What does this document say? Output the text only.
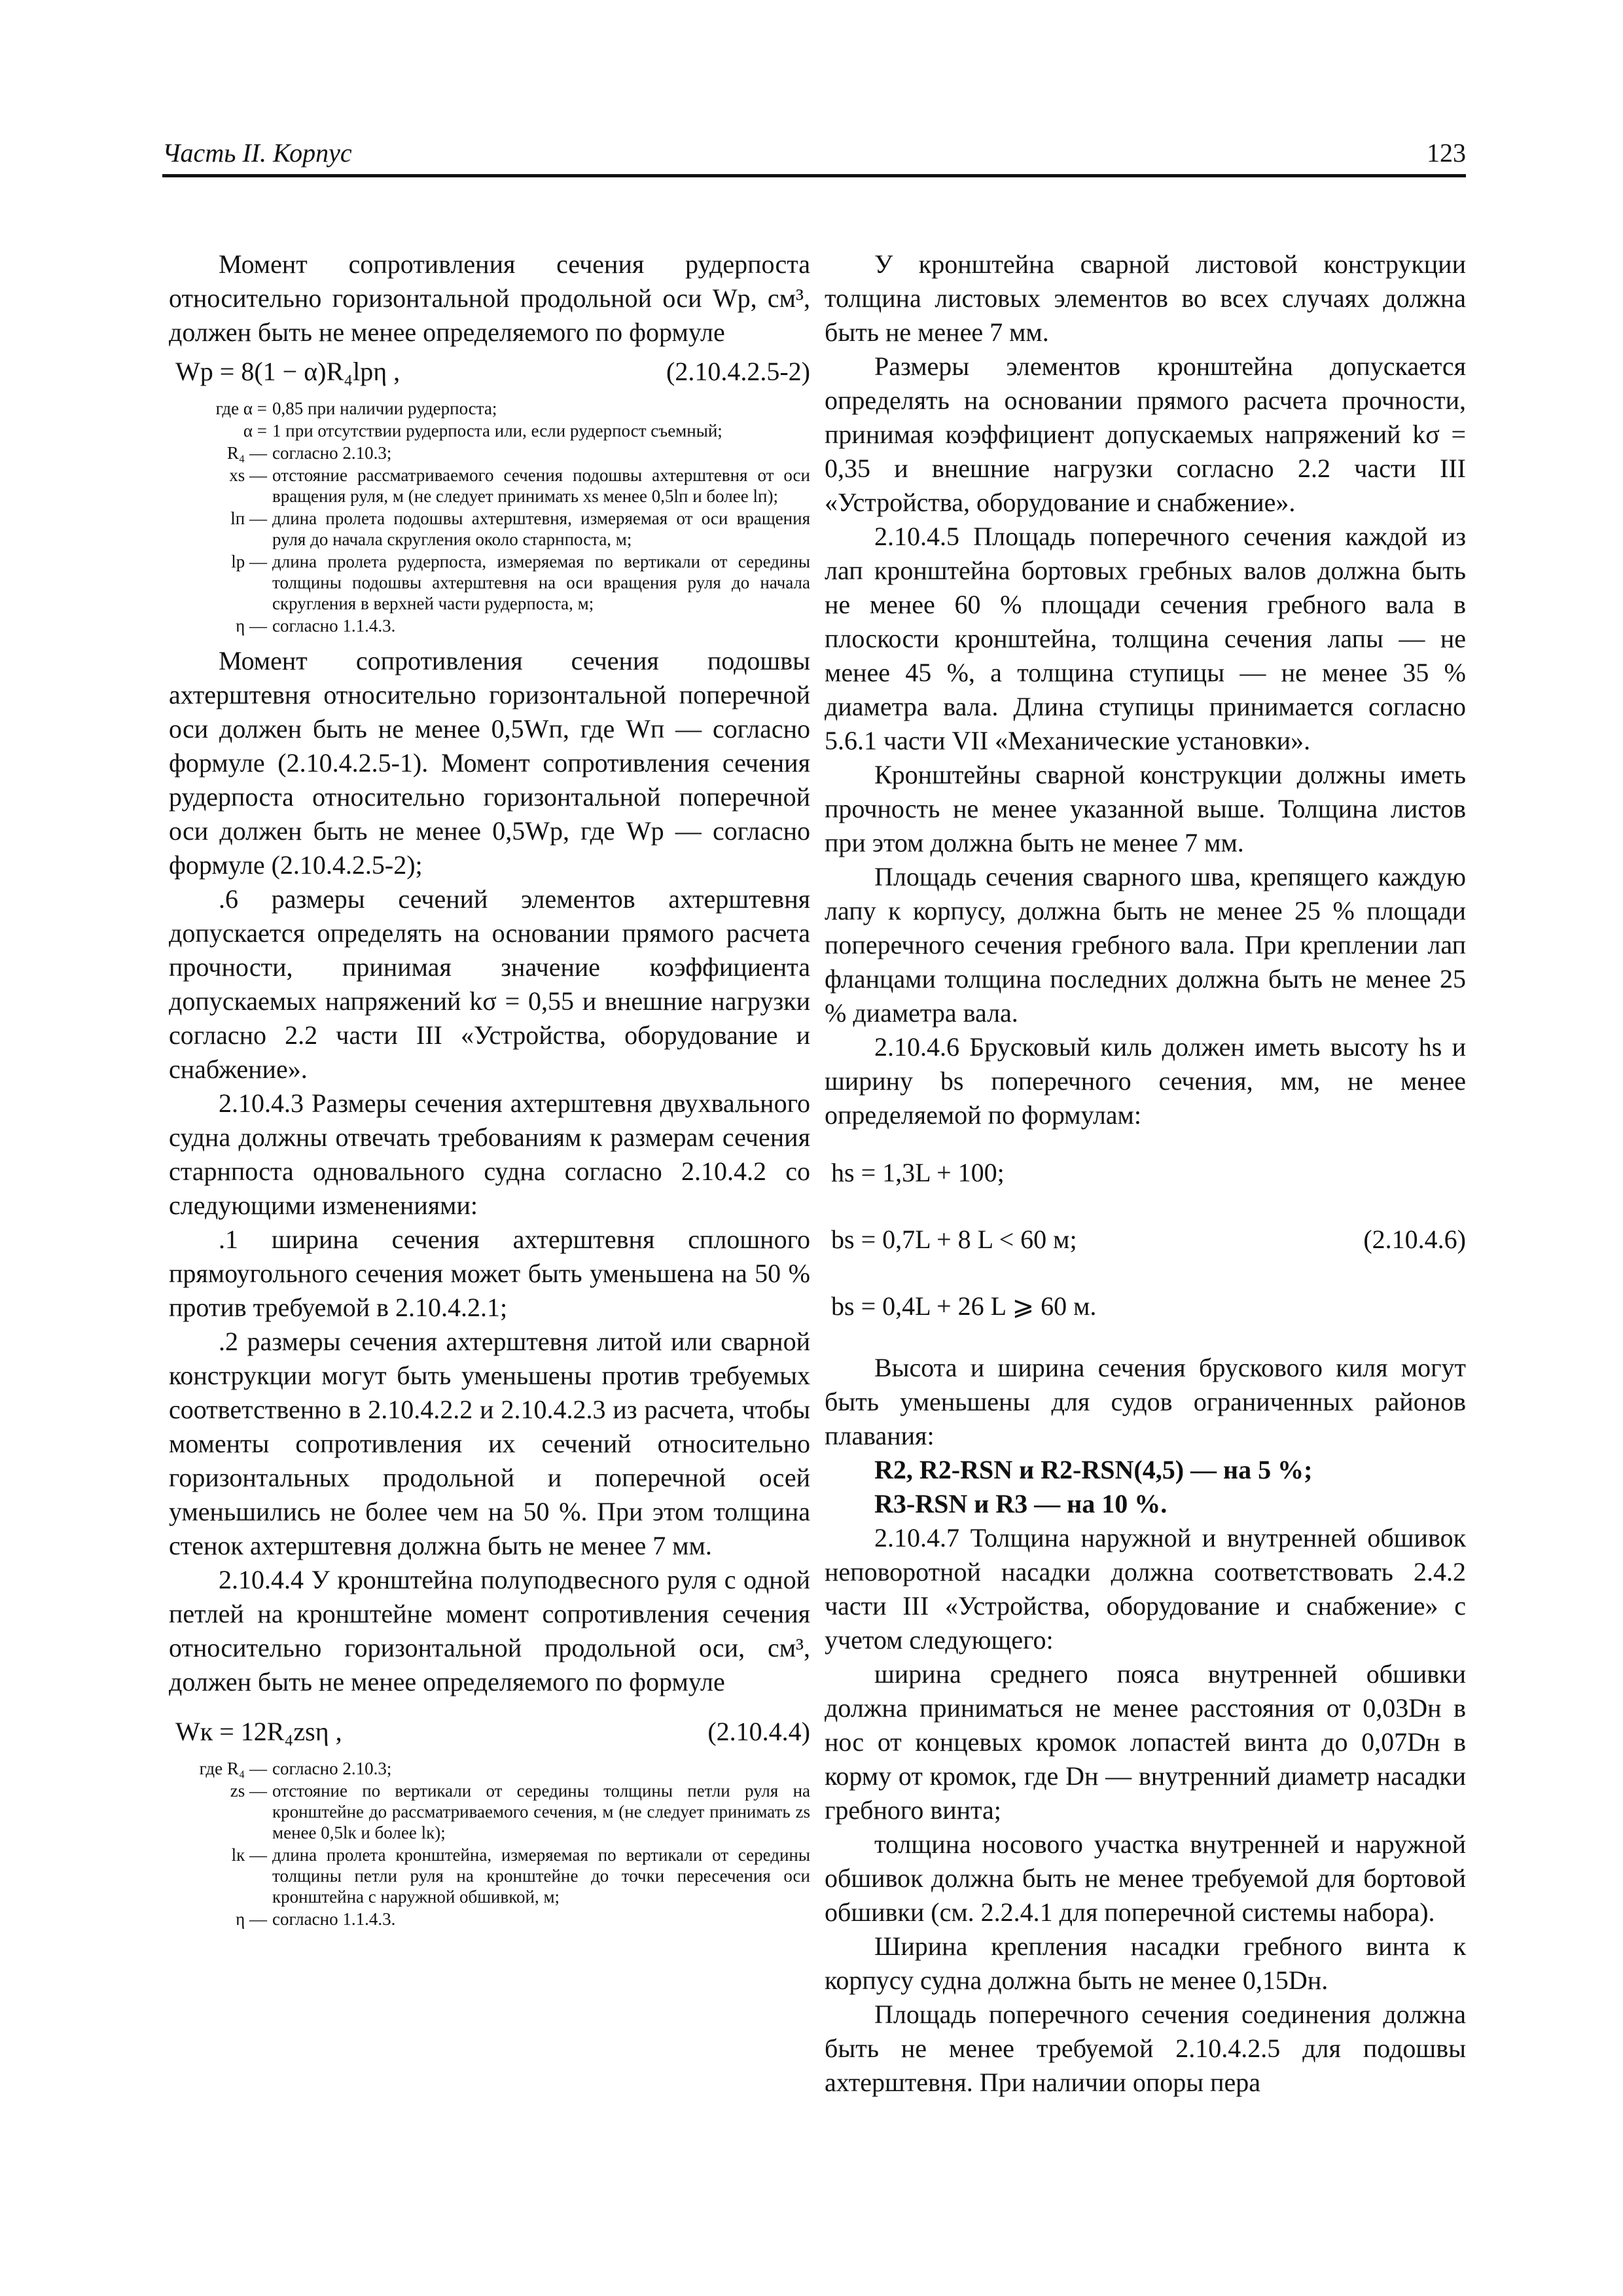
Часть II. Корпус	123

Момент сопротивления сечения рудерпоста относительно горизонтальной продольной оси Wр, см³, должен быть не менее определяемого по формуле

Wр = 8(1 − α)R₄lрη ,	(2.10.4.2.5-2)
где α = 0,85 при наличии рудерпоста;
α = 1 при отсутствии рудерпоста или, если рудерпост съемный;
R₄ — согласно 2.10.3;
xs — отстояние рассматриваемого сечения подошвы ахтерштевня от оси вращения руля, м (не следует принимать xs менее 0,5lп и более lп);
lп — длина пролета подошвы ахтерштевня, измеряемая от оси вращения руля до начала скругления около старнпоста, м;
lр — длина пролета рудерпоста, измеряемая по вертикали от середины толщины подошвы ахтерштевня на оси вращения руля до начала скругления в верхней части рудерпоста, м;
η — согласно 1.1.4.3.

Момент сопротивления сечения подошвы ахтерштевня относительно горизонтальной поперечной оси должен быть не менее 0,5Wп, где Wп — согласно формуле (2.10.4.2.5-1). Момент сопротивления сечения рудерпоста относительно горизонтальной поперечной оси должен быть не менее 0,5Wр, где Wр — согласно формуле (2.10.4.2.5-2);

.6 размеры сечений элементов ахтерштевня допускается определять на основании прямого расчета прочности, принимая значение коэффициента допускаемых напряжений kσ = 0,55 и внешние нагрузки согласно 2.2 части III «Устройства, оборудование и снабжение».

2.10.4.3 Размеры сечения ахтерштевня двухвального судна должны отвечать требованиям к размерам сечения старнпоста одновального судна согласно 2.10.4.2 со следующими изменениями:

.1 ширина сечения ахтерштевня сплошного прямоугольного сечения может быть уменьшена на 50 % против требуемой в 2.10.4.2.1;

.2 размеры сечения ахтерштевня литой или сварной конструкции могут быть уменьшены против требуемых соответственно в 2.10.4.2.2 и 2.10.4.2.3 из расчета, чтобы моменты сопротивления их сечений относительно горизонтальных продольной и поперечной осей уменьшились не более чем на 50 %. При этом толщина стенок ахтерштевня должна быть не менее 7 мм.

2.10.4.4 У кронштейна полуподвесного руля с одной петлей на кронштейне момент сопротивления сечения относительно горизонтальной продольной оси, см³, должен быть не менее определяемого по формуле

Wк = 12R₄zsη ,	(2.10.4.4)
где R₄ — согласно 2.10.3;
zs — отстояние по вертикали от середины толщины петли руля на кронштейне до рассматриваемого сечения, м (не следует принимать zs менее 0,5lк и более lк);
lк — длина пролета кронштейна, измеряемая по вертикали от середины толщины петли руля на кронштейне до точки пересечения оси кронштейна с наружной обшивкой, м;
η — согласно 1.1.4.3.

У кронштейна сварной листовой конструкции толщина листовых элементов во всех случаях должна быть не менее 7 мм.

Размеры элементов кронштейна допускается определять на основании прямого расчета прочности, принимая коэффициент допускаемых напряжений kσ = 0,35 и внешние нагрузки согласно 2.2 части III «Устройства, оборудование и снабжение».

2.10.4.5 Площадь поперечного сечения каждой из лап кронштейна бортовых гребных валов должна быть не менее 60 % площади сечения гребного вала в плоскости кронштейна, толщина сечения лапы — не менее 45 %, а толщина ступицы — не менее 35 % диаметра вала. Длина ступицы принимается согласно 5.6.1 части VII «Механические установки».

Кронштейны сварной конструкции должны иметь прочность не менее указанной выше. Толщина листов при этом должна быть не менее 7 мм.

Площадь сечения сварного шва, крепящего каждую лапу к корпусу, должна быть не менее 25 % площади поперечного сечения гребного вала. При креплении лап фланцами толщина последних должна быть не менее 25 % диаметра вала.

2.10.4.6 Брусковый киль должен иметь высоту hs и ширину bs поперечного сечения, мм, не менее определяемой по формулам:

hs = 1,3L + 100;
bs = 0,7L + 8 L < 60 м;	(2.10.4.6)
bs = 0,4L + 26 L ⩾ 60 м.

Высота и ширина сечения брускового киля могут быть уменьшены для судов ограниченных районов плавания:

R2, R2-RSN и R2-RSN(4,5) — на 5 %;

R3-RSN и R3 — на 10 %.

2.10.4.7 Толщина наружной и внутренней обшивок неповоротной насадки должна соответствовать 2.4.2 части III «Устройства, оборудование и снабжение» с учетом следующего:

ширина среднего пояса внутренней обшивки должна приниматься не менее расстояния от 0,03Dн в нос от концевых кромок лопастей винта до 0,07Dн в корму от кромок, где Dн — внутренний диаметр насадки гребного винта;

толщина носового участка внутренней и наружной обшивок должна быть не менее требуемой для бортовой обшивки (см. 2.2.4.1 для поперечной системы набора).

Ширина крепления насадки гребного винта к корпусу судна должна быть не менее 0,15Dн.

Площадь поперечного сечения соединения должна быть не менее требуемой 2.10.4.2.5 для подошвы ахтерштевня. При наличии опоры пера
